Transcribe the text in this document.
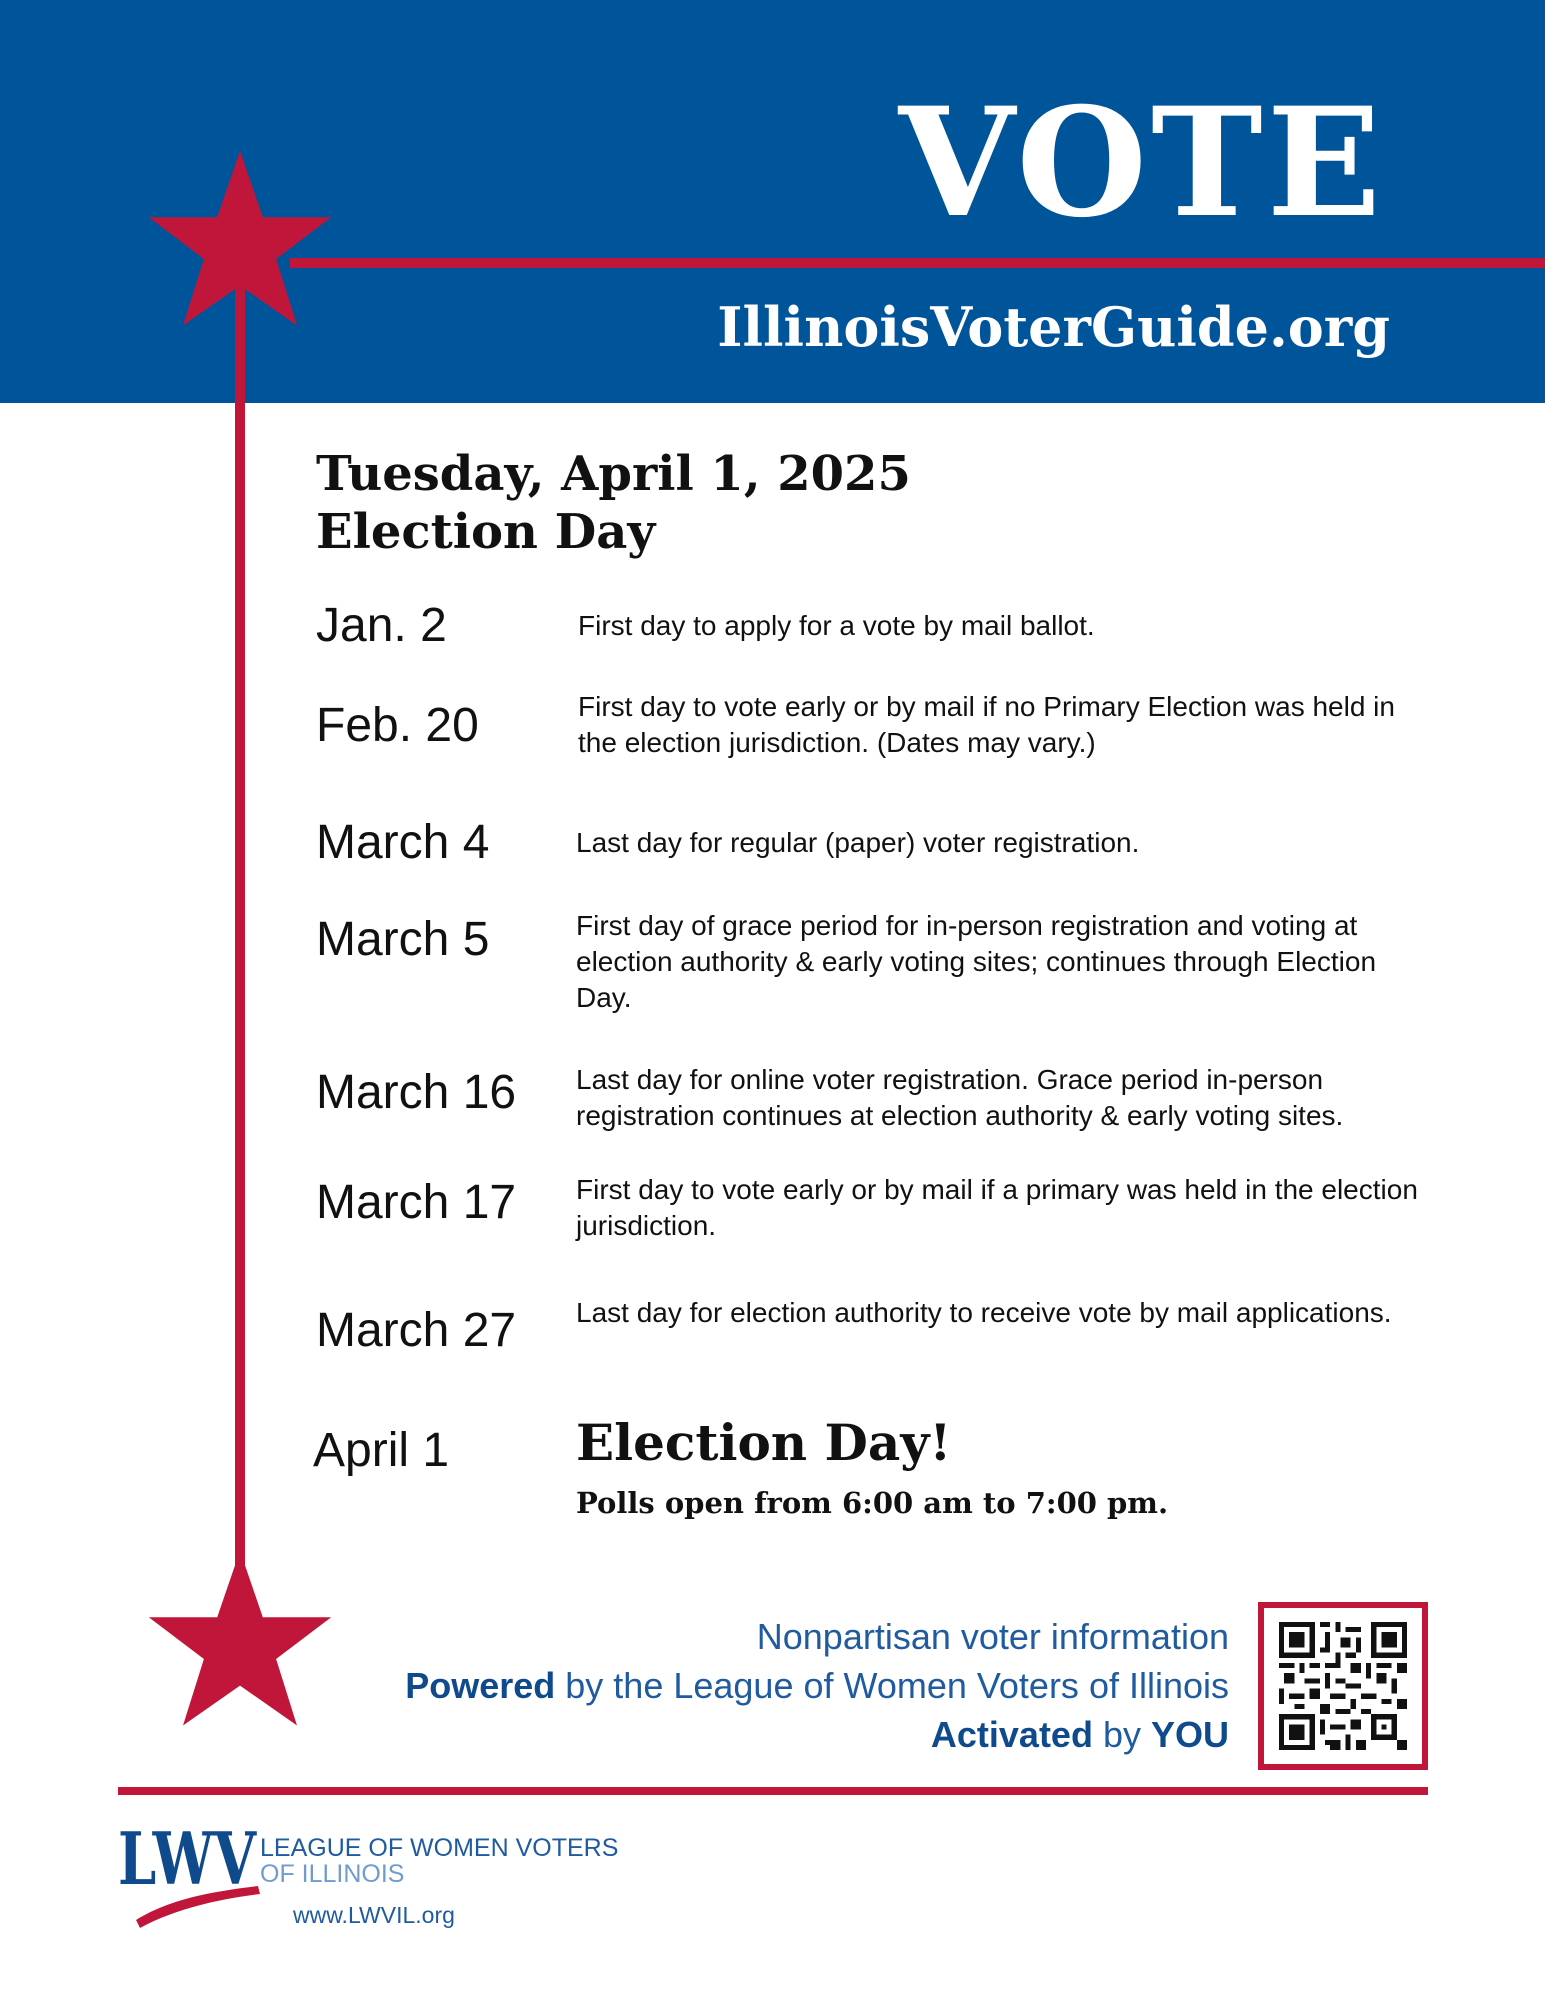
VOTE
IllinoisVoterGuide.org
Tuesday, April 1, 2025
Election Day
Jan. 2	First day to apply for a vote by mail ballot.
Feb. 20	First day to vote early or by mail if no Primary Election was held in the election jurisdiction. (Dates may vary.)
March 4	Last day for regular (paper) voter registration.
March 5	First day of grace period for in-person registration and voting at election authority & early voting sites; continues through Election Day.
March 16 Last day for online voter registration. Grace period in-person registration continues at election authority & early voting sites.
March 17 First day to vote early or by mail if a primary was held in the election jurisdiction.
March 27 Last day for election authority to receive vote by mail applications.
April 1	Election Day!
Polls open from 6:00 am to 7:00 pm.
Nonpartisan voter information
Powered by the League of Women Voters of Illinois
Activated by YOU
LWV LEAGUE OF WOMEN VOTERS
OF ILLINOIS
www.LWVIL.org
